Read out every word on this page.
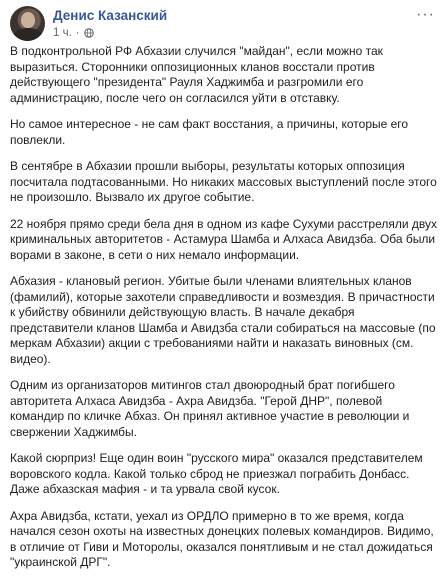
Денис Казанский
1 ч. ·
···

В подконтрольной РФ Абхазии случился "майдан", если можно так выразиться. Сторонники оппозиционных кланов восстали против действующего "президента" Рауля Хаджимба и разгромили его администрацию, после чего он согласился уйти в отставку.

Но самое интересное - не сам факт восстания, а причины, которые его повлекли.

В сентябре в Абхазии прошли выборы, результаты которых оппозиция посчитала подтасованными. Но никаких массовых выступлений после этого не произошло. Вызвало их другое событие.

22 ноября прямо среди бела дня в одном из кафе Сухуми расстреляли двух криминальных авторитетов - Астамура Шамба и Алхаса Авидзба. Оба были ворами в законе, в сети о них немало информации.

Абхазия - клановый регион. Убитые были членами влиятельных кланов (фамилий), которые захотели справедливости и возмездия. В причастности к убийству обвинили действующую власть. В начале декабря представители кланов Шамба и Авидзба стали собираться на массовые (по меркам Абхазии) акции с требованиями найти и наказать виновных (см. видео).

Одним из организаторов митингов стал двоюродный брат погибшего авторитета Алхаса Авидзба - Ахра Авидзба. "Герой ДНР", полевой командир по кличке Абхаз. Он принял активное участие в революции и свержении Хаджимбы.

Какой сюрприз! Еще один воин "русского мира" оказался представителем воровского кодла. Какой только сброд не приезжал пограбить Донбасс. Даже абхазская мафия - и та урвала свой кусок.

Ахра Авидзба, кстати, уехал из ОРДЛО примерно в то же время, когда начался сезон охоты на известных донецких полевых командиров. Видимо, в отличие от Гиви и Моторолы, оказался понятливым и не стал дожидаться "украинской ДРГ".
